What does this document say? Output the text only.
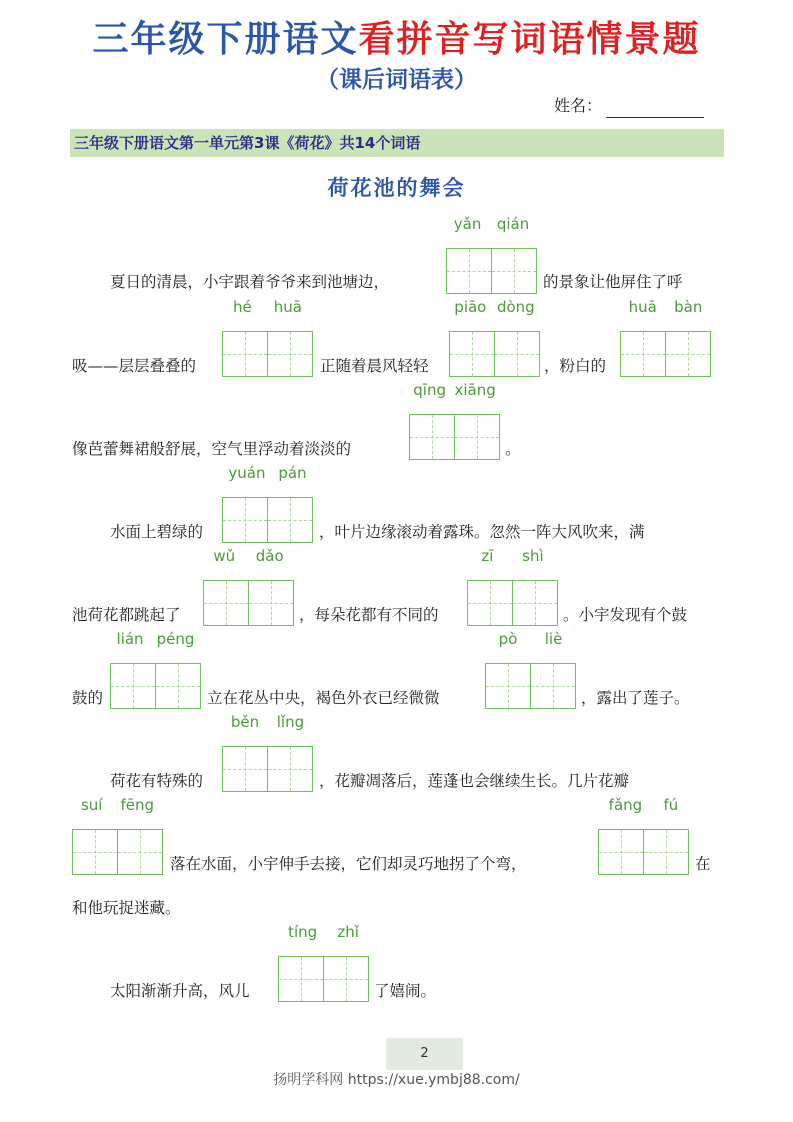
三年级下册语文看拼音写词语情景题
（课后词语表）
姓名：
三年级下册语文第一单元第3课《荷花》共14个词语
荷花池的舞会
夏日的清晨，小宇跟着爷爷来到池塘边，
yǎn qián
的景象让他屏住了呼
吸——层层叠叠的
hé huā
正随着晨风轻轻
piāo dòng
，粉白的
huā bàn
像芭蕾舞裙般舒展，空气里浮动着淡淡的
qīng xiāng
。
水面上碧绿的
yuán pán
，叶片边缘滚动着露珠。忽然一阵大风吹来，满
池荷花都跳起了
wǔ dǎo
，每朵花都有不同的
zī shì
。小宇发现有个鼓
鼓的
lián péng
立在花丛中央，褐色外衣已经微微
pò liè
，露出了莲子。
荷花有特殊的
běn lǐng
，花瓣凋落后，莲蓬也会继续生长。几片花瓣
suí fēng
落在水面，小宇伸手去接，它们却灵巧地拐了个弯，
fǎng fú
在
和他玩捉迷藏。
太阳渐渐升高，风儿
tíng zhǐ
了嬉闹。
2
扬明学科网 https://xue.ymbj88.com/
